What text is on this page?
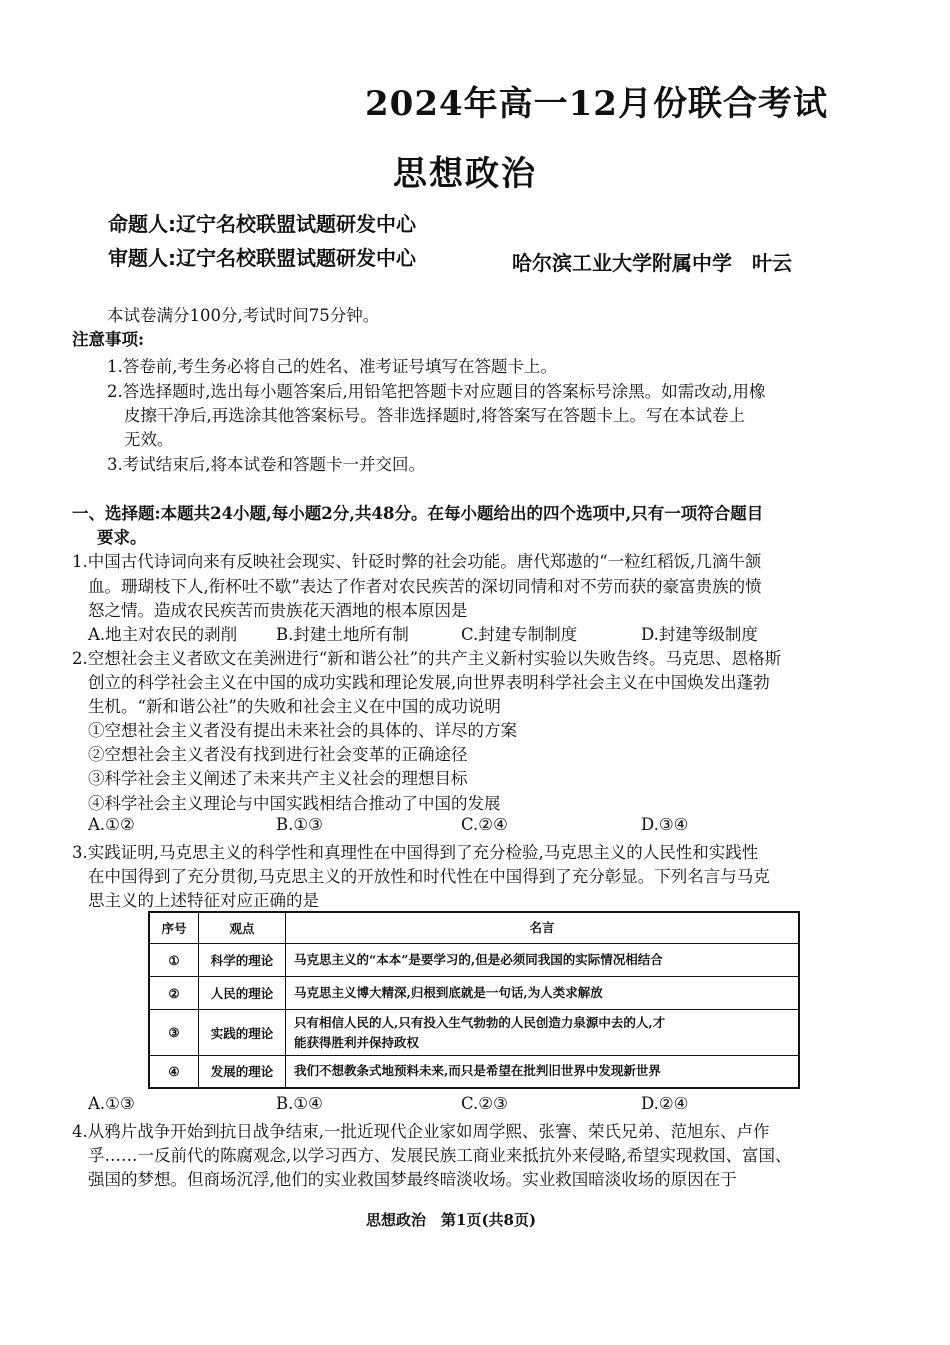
2024年高一12月份联合考试
思想政治
命题人:辽宁名校联盟试题研发中心
审题人:辽宁名校联盟试题研发中心	哈尔滨工业大学附属中学　叶云
本试卷满分100分,考试时间75分钟。
注意事项:
1.答卷前,考生务必将自己的姓名、准考证号填写在答题卡上。
2.答选择题时,选出每小题答案后,用铅笔把答题卡对应题目的答案标号涂黑。如需改动,用橡
皮擦干净后,再选涂其他答案标号。答非选择题时,将答案写在答题卡上。写在本试卷上
无效。
3.考试结束后,将本试卷和答题卡一并交回。
一、选择题:本题共24小题,每小题2分,共48分。在每小题给出的四个选项中,只有一项符合题目
要求。
1.中国古代诗词向来有反映社会现实、针砭时弊的社会功能。唐代郑遨的“一粒红稻饭,几滴牛颔
血。珊瑚枝下人,衔杯吐不歇”表达了作者对农民疾苦的深切同情和对不劳而获的豪富贵族的愤
怒之情。造成农民疾苦而贵族花天酒地的根本原因是
A.地主对农民的剥削 B.封建土地所有制	C.封建专制制度	D.封建等级制度
2.空想社会主义者欧文在美洲进行“新和谐公社”的共产主义新村实验以失败告终。马克思、恩格斯
创立的科学社会主义在中国的成功实践和理论发展,向世界表明科学社会主义在中国焕发出蓬勃
生机。“新和谐公社”的失败和社会主义在中国的成功说明
①空想社会主义者没有提出未来社会的具体的、详尽的方案
②空想社会主义者没有找到进行社会变革的正确途径
③科学社会主义阐述了未来共产主义社会的理想目标
④科学社会主义理论与中国实践相结合推动了中国的发展
A.①②	B.①③	C.②④	D.③④
3.实践证明,马克思主义的科学性和真理性在中国得到了充分检验,马克思主义的人民性和实践性
在中国得到了充分贯彻,马克思主义的开放性和时代性在中国得到了充分彰显。下列名言与马克
思主义的上述特征对应正确的是
序号	观点	名言
①	科学的理论	马克思主义的“本本”是要学习的,但是必须同我国的实际情况相结合
②	人民的理论	马克思主义博大精深,归根到底就是一句话,为人类求解放
③	实践的理论	只有相信人民的人,只有投入生气勃勃的人民创造力泉源中去的人,才
能获得胜利并保持政权

④	发展的理论	我们不想教条式地预料未来,而只是希望在批判旧世界中发现新世界
A.①③	B.①④	C.②③	D.②④
4.从鸦片战争开始到抗日战争结束,一批近现代企业家如周学熙、张謇、荣氏兄弟、范旭东、卢作
孚……一反前代的陈腐观念,以学习西方、发展民族工商业来抵抗外来侵略,希望实现救国、富国、
强国的梦想。但商场沉浮,他们的实业救国梦最终暗淡收场。实业救国暗淡收场的原因在于
思想政治　第1页(共8页)
